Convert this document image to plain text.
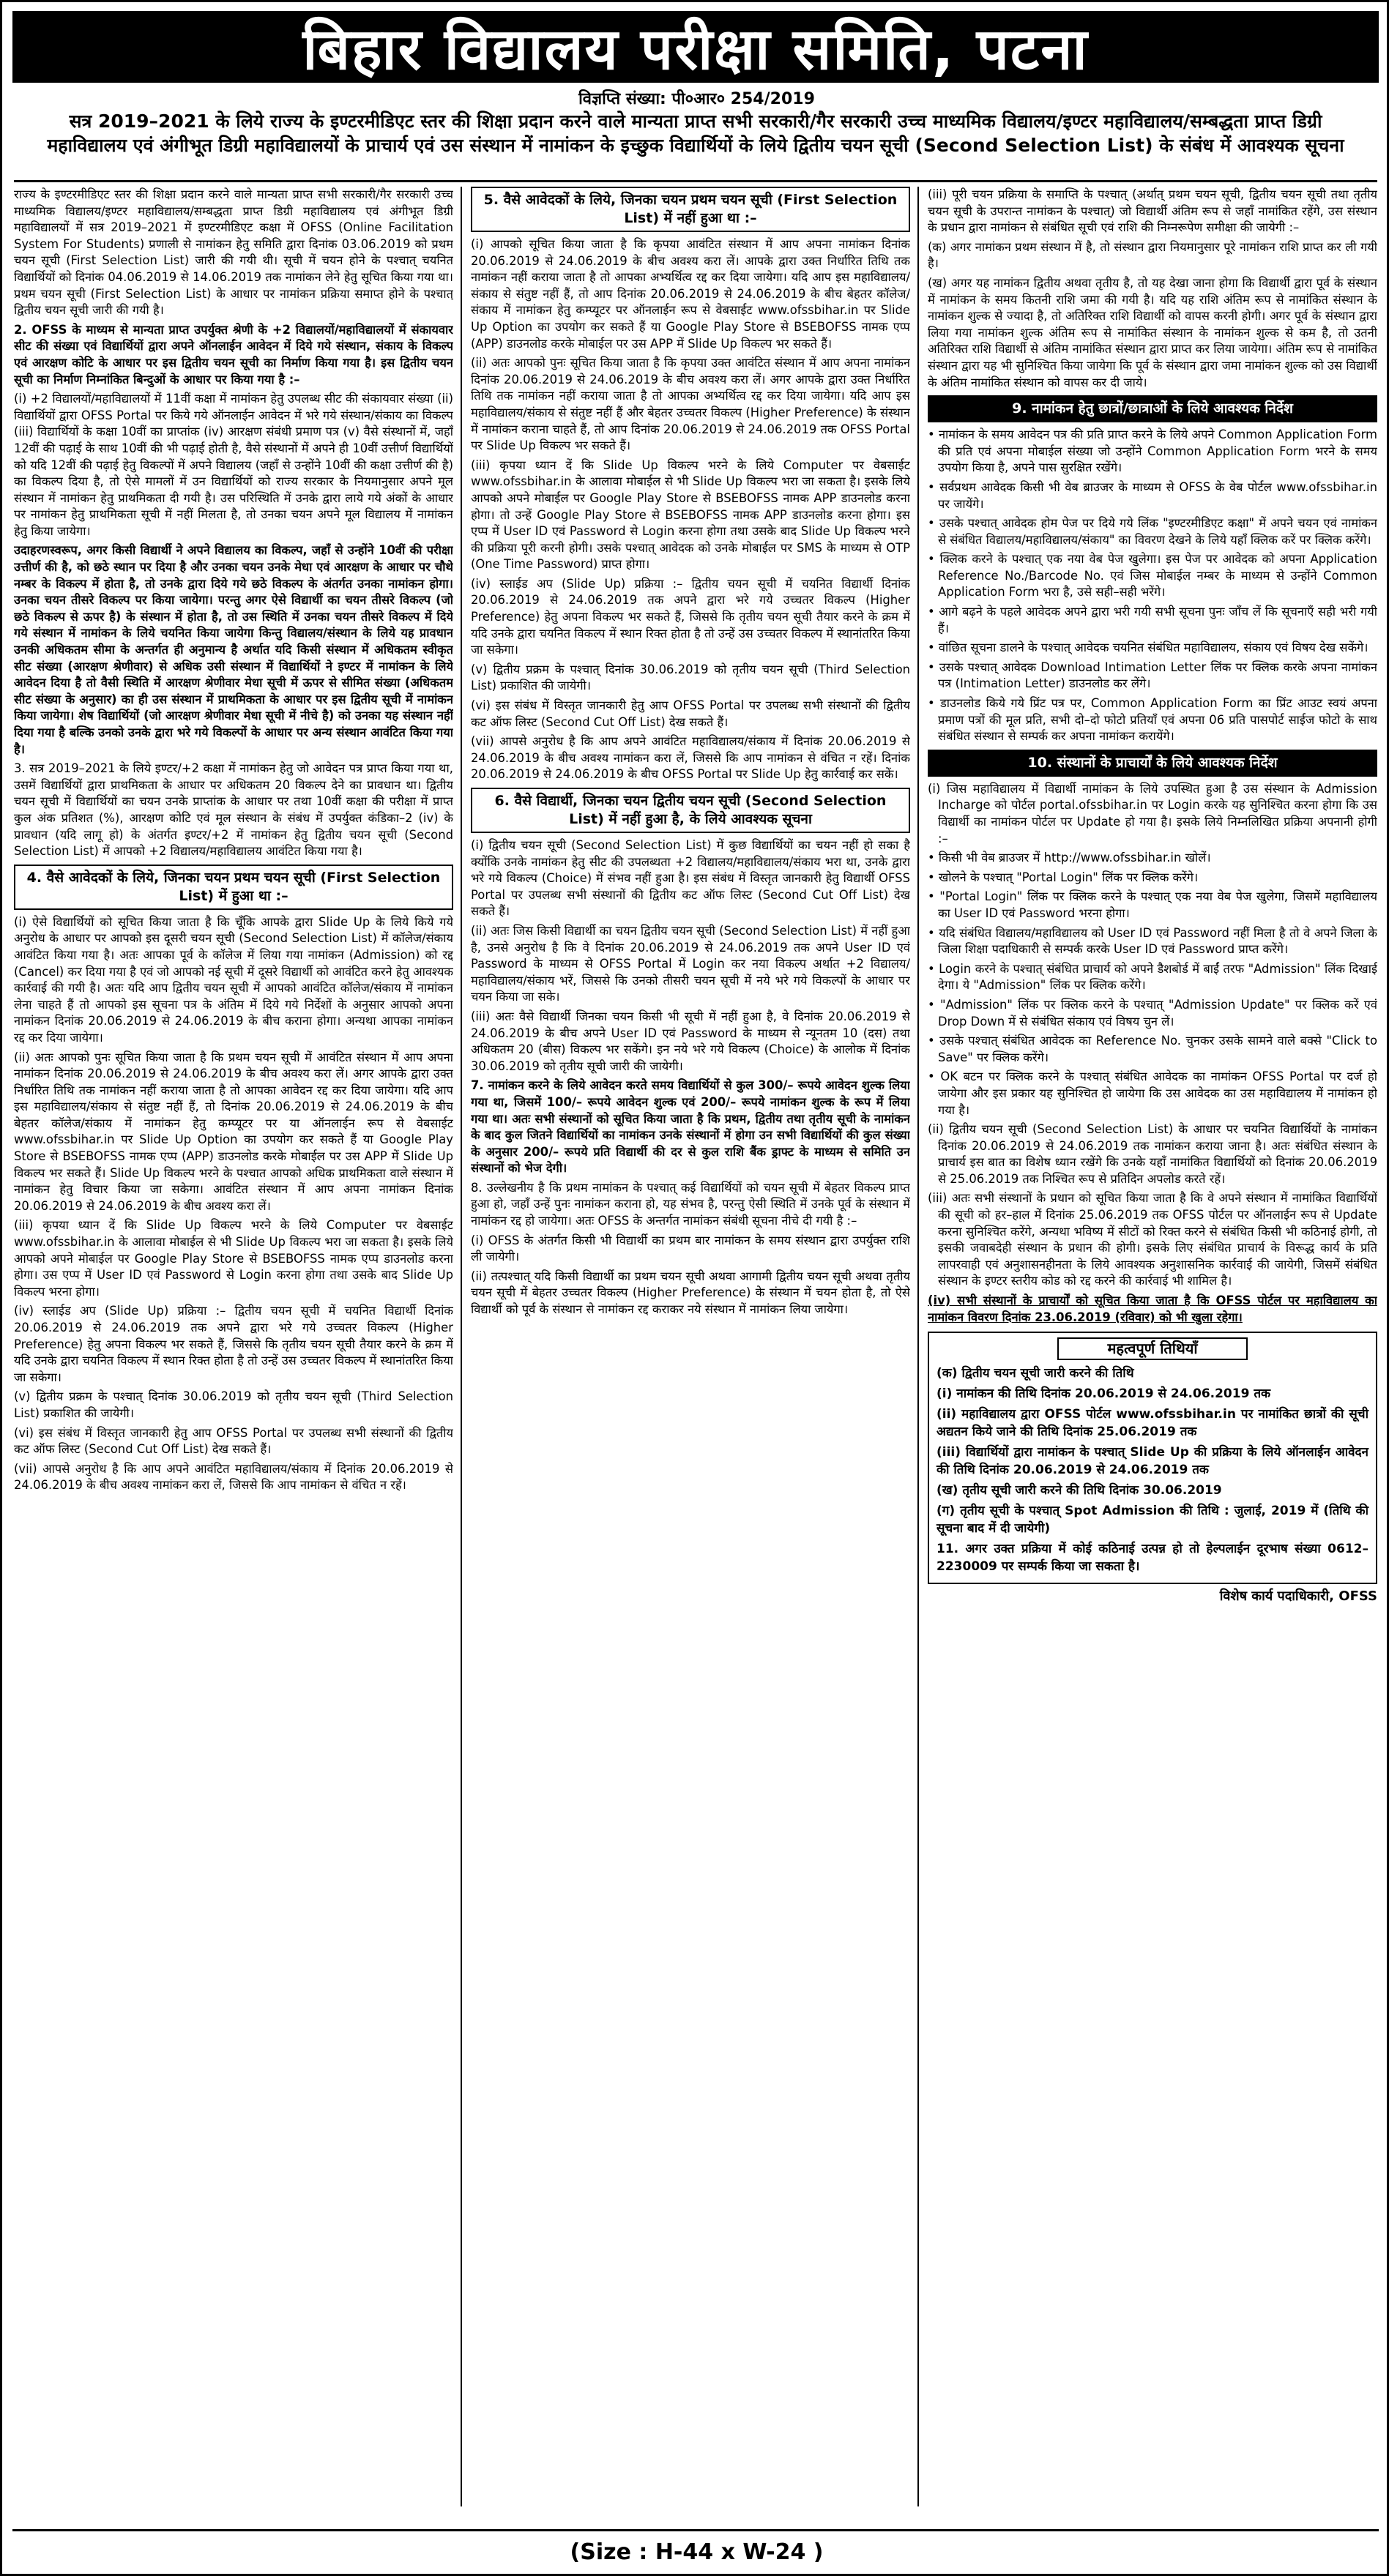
बिहार विद्यालय परीक्षा समिति, पटना
विज्ञप्ति संख्या: पी०आर० 254/2019
सत्र 2019–2021 के लिये राज्य के इण्टरमीडिएट स्तर की शिक्षा प्रदान करने वाले मान्यता प्राप्त सभी सरकारी/गैर सरकारी उच्च माध्यमिक विद्यालय/इण्टर महाविद्यालय/सम्बद्धता प्राप्त डिग्री महाविद्यालय एवं अंगीभूत डिग्री महाविद्यालयों के प्राचार्य एवं उस संस्थान में नामांकन के इच्छुक विद्यार्थियों के लिये द्वितीय चयन सूची (Second Selection List) के संबंध में आवश्यक सूचना

राज्य के इण्टरमीडिएट स्तर की शिक्षा प्रदान करने वाले मान्यता प्राप्त सभी सरकारी/गैर सरकारी उच्च माध्यमिक विद्यालय/इण्टर महाविद्यालय/सम्बद्धता प्राप्त डिग्री महाविद्यालय एवं अंगीभूत डिग्री महाविद्यालयों में सत्र 2019–2021 में इण्टरमीडिएट कक्षा में OFSS (Online Facilitation System For Students) प्रणाली से नामांकन हेतु समिति द्वारा दिनांक 03.06.2019 को प्रथम चयन सूची (First Selection List) जारी की गयी थी। सूची में चयन होने के पश्चात् चयनित विद्यार्थियों को दिनांक 04.06.2019 से 14.06.2019 तक नामांकन लेने हेतु सूचित किया गया था। प्रथम चयन सूची (First Selection List) के आधार पर नामांकन प्रक्रिया समाप्त होने के पश्चात् द्वितीय चयन सूची जारी की गयी है।

2. OFSS के माध्यम से मान्यता प्राप्त उपर्युक्त श्रेणी के +2 विद्यालयों/महाविद्यालयों में संकायवार सीट की संख्या एवं विद्यार्थियों द्वारा अपने ऑनलाईन आवेदन में दिये गये संस्थान, संकाय के विकल्प एवं आरक्षण कोटि के आधार पर इस द्वितीय चयन सूची का निर्माण किया गया है। इस द्वितीय चयन सूची का निर्माण निम्नांकित बिन्दुओं के आधार पर किया गया है :–

(i) +2 विद्यालयों/महाविद्यालयों में 11वीं कक्षा में नामांकन हेतु उपलब्ध सीट की संकायवार संख्या (ii) विद्यार्थियों द्वारा OFSS Portal पर किये गये ऑनलाईन आवेदन में भरे गये संस्थान/संकाय का विकल्प (iii) विद्यार्थियों के कक्षा 10वीं का प्राप्तांक (iv) आरक्षण संबंधी प्रमाण पत्र (v) वैसे संस्थानों में, जहाँ 12वीं की पढ़ाई के साथ 10वीं की भी पढ़ाई होती है, वैसे संस्थानों में अपने ही 10वीं उत्तीर्ण विद्यार्थियों को यदि 12वीं की पढ़ाई हेतु विकल्पों में अपने विद्यालय (जहाँ से उन्होंने 10वीं की कक्षा उत्तीर्ण की है) का विकल्प दिया है, तो ऐसे मामलों में उन विद्यार्थियों को राज्य सरकार के नियमानुसार अपने मूल संस्थान में नामांकन हेतु प्राथमिकता दी गयी है। उस परिस्थिति में उनके द्वारा लाये गये अंकों के आधार पर नामांकन हेतु प्राथमिकता सूची में नहीं मिलता है, तो उनका चयन अपने मूल विद्यालय में नामांकन हेतु किया जायेगा।

उदाहरणस्वरूप, अगर किसी विद्यार्थी ने अपने विद्यालय का विकल्प, जहाँ से उन्होंने 10वीं की परीक्षा उत्तीर्ण की है, को छठे स्थान पर दिया है और उनका चयन उनके मेधा एवं आरक्षण के आधार पर चौथे नम्बर के विकल्प में होता है, तो उनके द्वारा दिये गये छठे विकल्प के अंतर्गत उनका नामांकन होगा। उनका चयन तीसरे विकल्प पर किया जायेगा। परन्तु अगर ऐसे विद्यार्थी का चयन तीसरे विकल्प (जो छठे विकल्प से ऊपर है) के संस्थान में होता है, तो उस स्थिति में उनका चयन तीसरे विकल्प में दिये गये संस्थान में नामांकन के लिये चयनित किया जायेगा किन्तु विद्यालय/संस्थान के लिये यह प्रावधान उनकी अधिकतम सीमा के अन्तर्गत ही अनुमान्य है अर्थात यदि किसी संस्थान में अधिकतम स्वीकृत सीट संख्या (आरक्षण श्रेणीवार) से अधिक उसी संस्थान में विद्यार्थियों ने इण्टर में नामांकन के लिये आवेदन दिया है तो वैसी स्थिति में आरक्षण श्रेणीवार मेधा सूची में ऊपर से सीमित संख्या (अधिकतम सीट संख्या के अनुसार) का ही उस संस्थान में प्राथमिकता के आधार पर इस द्वितीय सूची में नामांकन किया जायेगा। शेष विद्यार्थियों (जो आरक्षण श्रेणीवार मेधा सूची में नीचे है) को उनका यह संस्थान नहीं दिया गया है बल्कि उनको उनके द्वारा भरे गये विकल्पों के आधार पर अन्य संस्थान आवंटित किया गया है।

3. सत्र 2019–2021 के लिये इण्टर/+2 कक्षा में नामांकन हेतु जो आवेदन पत्र प्राप्त किया गया था, उसमें विद्यार्थियों द्वारा प्राथमिकता के आधार पर अधिकतम 20 विकल्प देने का प्रावधान था। द्वितीय चयन सूची में विद्यार्थियों का चयन उनके प्राप्तांक के आधार पर तथा 10वीं कक्षा की परीक्षा में प्राप्त कुल अंक प्रतिशत (%), आरक्षण कोटि एवं मूल संस्थान के संबंध में उपर्युक्त कंडिका–2 (iv) के प्रावधान (यदि लागू हो) के अंतर्गत इण्टर/+2 में नामांकन हेतु द्वितीय चयन सूची (Second Selection List) में आपको +2 विद्यालय/महाविद्यालय आवंटित किया गया है।

4. वैसे आवेदकों के लिये, जिनका चयन प्रथम चयन सूची (First Selection List) में हुआ था :–

(i) ऐसे विद्यार्थियों को सूचित किया जाता है कि चूँकि आपके द्वारा Slide Up के लिये किये गये अनुरोध के आधार पर आपको इस दूसरी चयन सूची (Second Selection List) में कॉलेज/संकाय आवंटित किया गया है। अतः आपका पूर्व के कॉलेज में लिया गया नामांकन (Admission) को रद्द (Cancel) कर दिया गया है एवं जो आपको नई सूची में दूसरे विद्यार्थी को आवंटित करने हेतु आवश्यक कार्रवाई की गयी है। अतः यदि आप द्वितीय चयन सूची में आपको आवंटित कॉलेज/संकाय में नामांकन लेना चाहते हैं तो आपको इस सूचना पत्र के अंतिम में दिये गये निर्देशों के अनुसार आपको अपना नामांकन दिनांक 20.06.2019 से 24.06.2019 के बीच कराना होगा। अन्यथा आपका नामांकन रद्द कर दिया जायेगा।

(ii) अतः आपको पुनः सूचित किया जाता है कि प्रथम चयन सूची में आवंटित संस्थान में आप अपना नामांकन दिनांक 20.06.2019 से 24.06.2019 के बीच अवश्य करा लें। अगर आपके द्वारा उक्त निर्धारित तिथि तक नामांकन नहीं कराया जाता है तो आपका आवेदन रद्द कर दिया जायेगा। यदि आप इस महाविद्यालय/संकाय से संतुष्ट नहीं हैं, तो दिनांक 20.06.2019 से 24.06.2019 के बीच बेहतर कॉलेज/संकाय में नामांकन हेतु कम्प्यूटर पर या ऑनलाईन रूप से वेबसाईट www.ofssbihar.in पर Slide Up Option का उपयोग कर सकते हैं या Google Play Store से BSEBOFSS नामक एप्प (APP) डाउनलोड करके मोबाईल पर उस APP में Slide Up विकल्प भर सकते हैं। Slide Up विकल्प भरने के पश्चात आपको अधिक प्राथमिकता वाले संस्थान में नामांकन हेतु विचार किया जा सकेगा। आवंटित संस्थान में आप अपना नामांकन दिनांक 20.06.2019 से 24.06.2019 के बीच अवश्य करा लें।

(iii) कृपया ध्यान दें कि Slide Up विकल्प भरने के लिये Computer पर वेबसाईट www.ofssbihar.in के आलावा मोबाईल से भी Slide Up विकल्प भरा जा सकता है। इसके लिये आपको अपने मोबाईल पर Google Play Store से BSEBOFSS नामक एप्प डाउनलोड करना होगा। उस एप्प में User ID एवं Password से Login करना होगा तथा उसके बाद Slide Up विकल्प भरना होगा।

(iv) स्लाईड अप (Slide Up) प्रक्रिया :– द्वितीय चयन सूची में चयनित विद्यार्थी दिनांक 20.06.2019 से 24.06.2019 तक अपने द्वारा भरे गये उच्चतर विकल्प (Higher Preference) हेतु अपना विकल्प भर सकते हैं, जिससे कि तृतीय चयन सूची तैयार करने के क्रम में यदि उनके द्वारा चयनित विकल्प में स्थान रिक्त होता है तो उन्हें उस उच्चतर विकल्प में स्थानांतरित किया जा सकेगा।

(v) द्वितीय प्रक्रम के पश्चात् दिनांक 30.06.2019 को तृतीय चयन सूची (Third Selection List) प्रकाशित की जायेगी।

(vi) इस संबंध में विस्तृत जानकारी हेतु आप OFSS Portal पर उपलब्ध सभी संस्थानों की द्वितीय कट ऑफ लिस्ट (Second Cut Off List) देख सकते हैं।

(vii) आपसे अनुरोध है कि आप अपने आवंटित महाविद्यालय/संकाय में दिनांक 20.06.2019 से 24.06.2019 के बीच अवश्य नामांकन करा लें, जिससे कि आप नामांकन से वंचित न रहें।

5. वैसे आवेदकों के लिये, जिनका चयन प्रथम चयन सूची (First Selection List) में नहीं हुआ था :–

(i) आपको सूचित किया जाता है कि कृपया आवंटित संस्थान में आप अपना नामांकन दिनांक 20.06.2019 से 24.06.2019 के बीच अवश्य करा लें। आपके द्वारा उक्त निर्धारित तिथि तक नामांकन नहीं कराया जाता है तो आपका अभ्यर्थित्व रद्द कर दिया जायेगा। यदि आप इस महाविद्यालय/संकाय से संतुष्ट नहीं हैं, तो आप दिनांक 20.06.2019 से 24.06.2019 के बीच बेहतर कॉलेज/संकाय में नामांकन हेतु कम्प्यूटर पर ऑनलाईन रूप से वेबसाईट www.ofssbihar.in पर Slide Up Option का उपयोग कर सकते हैं या Google Play Store से BSEBOFSS नामक एप्प (APP) डाउनलोड करके मोबाईल पर उस APP में Slide Up विकल्प भर सकते हैं।

(ii) अतः आपको पुनः सूचित किया जाता है कि कृपया उक्त आवंटित संस्थान में आप अपना नामांकन दिनांक 20.06.2019 से 24.06.2019 के बीच अवश्य करा लें। अगर आपके द्वारा उक्त निर्धारित तिथि तक नामांकन नहीं कराया जाता है तो आपका अभ्यर्थित्व रद्द कर दिया जायेगा। यदि आप इस महाविद्यालय/संकाय से संतुष्ट नहीं हैं और बेहतर उच्चतर विकल्प (Higher Preference) के संस्थान में नामांकन कराना चाहते हैं, तो आप दिनांक 20.06.2019 से 24.06.2019 तक OFSS Portal पर Slide Up विकल्प भर सकते हैं।

(iii) कृपया ध्यान दें कि Slide Up विकल्प भरने के लिये Computer पर वेबसाईट www.ofssbihar.in के आलावा मोबाईल से भी Slide Up विकल्प भरा जा सकता है। इसके लिये आपको अपने मोबाईल पर Google Play Store से BSEBOFSS नामक APP डाउनलोड करना होगा। तो उन्हें Google Play Store से BSEBOFSS नामक APP डाउनलोड करना होगा। इस एप्प में User ID एवं Password से Login करना होगा तथा उसके बाद Slide Up विकल्प भरने की प्रक्रिया पूरी करनी होगी। उसके पश्चात् आवेदक को उनके मोबाईल पर SMS के माध्यम से OTP (One Time Password) प्राप्त होगा।

(iv) स्लाईड अप (Slide Up) प्रक्रिया :– द्वितीय चयन सूची में चयनित विद्यार्थी दिनांक 20.06.2019 से 24.06.2019 तक अपने द्वारा भरे गये उच्चतर विकल्प (Higher Preference) हेतु अपना विकल्प भर सकते हैं, जिससे कि तृतीय चयन सूची तैयार करने के क्रम में यदि उनके द्वारा चयनित विकल्प में स्थान रिक्त होता है तो उन्हें उस उच्चतर विकल्प में स्थानांतरित किया जा सकेगा।

(v) द्वितीय प्रक्रम के पश्चात् दिनांक 30.06.2019 को तृतीय चयन सूची (Third Selection List) प्रकाशित की जायेगी।

(vi) इस संबंध में विस्तृत जानकारी हेतु आप OFSS Portal पर उपलब्ध सभी संस्थानों की द्वितीय कट ऑफ लिस्ट (Second Cut Off List) देख सकते हैं।

(vii) आपसे अनुरोध है कि आप अपने आवंटित महाविद्यालय/संकाय में दिनांक 20.06.2019 से 24.06.2019 के बीच अवश्य नामांकन करा लें, जिससे कि आप नामांकन से वंचित न रहें। दिनांक 20.06.2019 से 24.06.2019 के बीच OFSS Portal पर Slide Up हेतु कार्रवाई कर सकें।

6. वैसे विद्यार्थी, जिनका चयन द्वितीय चयन सूची (Second Selection List) में नहीं हुआ है, के लिये आवश्यक सूचना

(i) द्वितीय चयन सूची (Second Selection List) में कुछ विद्यार्थियों का चयन नहीं हो सका है क्योंकि उनके नामांकन हेतु सीट की उपलब्धता +2 विद्यालय/महाविद्यालय/संकाय भरा था, उनके द्वारा भरे गये विकल्प (Choice) में संभव नहीं हुआ है। इस संबंध में विस्तृत जानकारी हेतु विद्यार्थी OFSS Portal पर उपलब्ध सभी संस्थानों की द्वितीय कट ऑफ लिस्ट (Second Cut Off List) देख सकते हैं।

(ii) अतः जिस किसी विद्यार्थी का चयन द्वितीय चयन सूची (Second Selection List) में नहीं हुआ है, उनसे अनुरोध है कि वे दिनांक 20.06.2019 से 24.06.2019 तक अपने User ID एवं Password के माध्यम से OFSS Portal में Login कर नया विकल्प अर्थात +2 विद्यालय/महाविद्यालय/संकाय भरें, जिससे कि उनको तीसरी चयन सूची में नये भरे गये विकल्पों के आधार पर चयन किया जा सके।

(iii) अतः वैसे विद्यार्थी जिनका चयन किसी भी सूची में नहीं हुआ है, वे दिनांक 20.06.2019 से 24.06.2019 के बीच अपने User ID एवं Password के माध्यम से न्यूनतम 10 (दस) तथा अधिकतम 20 (बीस) विकल्प भर सकेंगे। इन नये भरे गये विकल्प (Choice) के आलोक में दिनांक 30.06.2019 को तृतीय सूची जारी की जायेगी।

7. नामांकन करने के लिये आवेदन करते समय विद्यार्थियों से कुल 300/– रूपये आवेदन शुल्क लिया गया था, जिसमें 100/– रूपये आवेदन शुल्क एवं 200/– रूपये नामांकन शुल्क के रूप में लिया गया था। अतः सभी संस्थानों को सूचित किया जाता है कि प्रथम, द्वितीय तथा तृतीय सूची के नामांकन के बाद कुल जितने विद्यार्थियों का नामांकन उनके संस्थानों में होगा उन सभी विद्यार्थियों की कुल संख्या के अनुसार 200/– रूपये प्रति विद्यार्थी की दर से कुल राशि बैंक ड्राफ्ट के माध्यम से समिति उन संस्थानों को भेज देगी।

8. उल्लेखनीय है कि प्रथम नामांकन के पश्चात् कई विद्यार्थियों को चयन सूची में बेहतर विकल्प प्राप्त हुआ हो, जहाँ उन्हें पुनः नामांकन कराना हो, यह संभव है, परन्तु ऐसी स्थिति में उनके पूर्व के संस्थान में नामांकन रद्द हो जायेगा। अतः OFSS के अन्तर्गत नामांकन संबंधी सूचना नीचे दी गयी है :–

(i) OFSS के अंतर्गत किसी भी विद्यार्थी का प्रथम बार नामांकन के समय संस्थान द्वारा उपर्युक्त राशि ली जायेगी।

(ii) तत्पश्चात् यदि किसी विद्यार्थी का प्रथम चयन सूची अथवा आगामी द्वितीय चयन सूची अथवा तृतीय चयन सूची में बेहतर उच्चतर विकल्प (Higher Preference) के संस्थान में चयन होता है, तो ऐसे विद्यार्थी को पूर्व के संस्थान से नामांकन रद्द कराकर नये संस्थान में नामांकन लिया जायेगा।

(iii) पूरी चयन प्रक्रिया के समाप्ति के पश्चात् (अर्थात् प्रथम चयन सूची, द्वितीय चयन सूची तथा तृतीय चयन सूची के उपरान्त नामांकन के पश्चात्) जो विद्यार्थी अंतिम रूप से जहाँ नामांकित रहेंगे, उस संस्थान के प्रधान द्वारा नामांकन से संबंधित सूची एवं राशि की निम्नरूपेण समीक्षा की जायेगी :–

(क) अगर नामांकन प्रथम संस्थान में है, तो संस्थान द्वारा नियमानुसार पूरे नामांकन राशि प्राप्त कर ली गयी है।

(ख) अगर यह नामांकन द्वितीय अथवा तृतीय है, तो यह देखा जाना होगा कि विद्यार्थी द्वारा पूर्व के संस्थान में नामांकन के समय कितनी राशि जमा की गयी है। यदि यह राशि अंतिम रूप से नामांकित संस्थान के नामांकन शुल्क से ज्यादा है, तो अतिरिक्त राशि विद्यार्थी को वापस करनी होगी। अगर पूर्व के संस्थान द्वारा लिया गया नामांकन शुल्क अंतिम रूप से नामांकित संस्थान के नामांकन शुल्क से कम है, तो उतनी अतिरिक्त राशि विद्यार्थी से अंतिम नामांकित संस्थान द्वारा प्राप्त कर लिया जायेगा। अंतिम रूप से नामांकित संस्थान द्वारा यह भी सुनिश्चित किया जायेगा कि पूर्व के संस्थान द्वारा जमा नामांकन शुल्क को उस विद्यार्थी के अंतिम नामांकित संस्थान को वापस कर दी जाये।

9. नामांकन हेतु छात्रों/छात्राओं के लिये आवश्यक निर्देश

• नामांकन के समय आवेदन पत्र की प्रति प्राप्त करने के लिये अपने Common Application Form की प्रति एवं अपना मोबाईल संख्या जो उन्होंने Common Application Form भरने के समय उपयोग किया है, अपने पास सुरक्षित रखेंगे।

• सर्वप्रथम आवेदक किसी भी वेब ब्राउजर के माध्यम से OFSS के वेब पोर्टल www.ofssbihar.in पर जायेंगे।

• उसके पश्चात् आवेदक होम पेज पर दिये गये लिंक "इण्टरमीडिएट कक्षा" में अपने चयन एवं नामांकन से संबंधित विद्यालय/महाविद्यालय/संकाय" का विवरण देखने के लिये यहाँ क्लिक करें पर क्लिक करेंगे।

• क्लिक करने के पश्चात् एक नया वेब पेज खुलेगा। इस पेज पर आवेदक को अपना Application Reference No./Barcode No. एवं जिस मोबाईल नम्बर के माध्यम से उन्होंने Common Application Form भरा है, उसे सही–सही भरेंगे।

• आगे बढ़ने के पहले आवेदक अपने द्वारा भरी गयी सभी सूचना पुनः जाँच लें कि सूचनाएँ सही भरी गयी हैं।

• वांछित सूचना डालने के पश्चात् आवेदक चयनित संबंधित महाविद्यालय, संकाय एवं विषय देख सकेंगे।

• उसके पश्चात् आवेदक Download Intimation Letter लिंक पर क्लिक करके अपना नामांकन पत्र (Intimation Letter) डाउनलोड कर लेंगे।

• डाउनलोड किये गये प्रिंट पत्र पर, Common Application Form का प्रिंट आउट स्वयं अपना प्रमाण पत्रों की मूल प्रति, सभी दो–दो फोटो प्रतियाँ एवं अपना 06 प्रति पासपोर्ट साईज फोटो के साथ संबंधित संस्थान से सम्पर्क कर अपना नामांकन करायेंगे।

10. संस्थानों के प्राचार्यों के लिये आवश्यक निर्देश

(i) जिस महाविद्यालय में विद्यार्थी नामांकन के लिये उपस्थित हुआ है उस संस्थान के Admission Incharge को पोर्टल portal.ofssbihar.in पर Login करके यह सुनिश्चित करना होगा कि उस विद्यार्थी का नामांकन पोर्टल पर Update हो गया है। इसके लिये निम्नलिखित प्रक्रिया अपनानी होगी :–

• किसी भी वेब ब्राउजर में http://www.ofssbihar.in खोलें।

• खोलने के पश्चात् "Portal Login" लिंक पर क्लिक करेंगे।

• "Portal Login" लिंक पर क्लिक करने के पश्चात् एक नया वेब पेज खुलेगा, जिसमें महाविद्यालय का User ID एवं Password भरना होगा।

• यदि संबंधित विद्यालय/महाविद्यालय को User ID एवं Password नहीं मिला है तो वे अपने जिला के जिला शिक्षा पदाधिकारी से सम्पर्क करके User ID एवं Password प्राप्त करेंगे।

• Login करने के पश्चात् संबंधित प्राचार्य को अपने डैशबोर्ड में बाईं तरफ "Admission" लिंक दिखाई देगा। ये "Admission" लिंक पर क्लिक करेंगे।

• "Admission" लिंक पर क्लिक करने के पश्चात् "Admission Update" पर क्लिक करें एवं Drop Down में से संबंधित संकाय एवं विषय चुन लें।

• उसके पश्चात् संबंधित आवेदक का Reference No. चुनकर उसके सामने वाले बक्से "Click to Save" पर क्लिक करेंगे।

• OK बटन पर क्लिक करने के पश्चात् संबंधित आवेदक का नामांकन OFSS Portal पर दर्ज हो जायेगा और इस प्रकार यह सुनिश्चित हो जायेगा कि उस आवेदक का उस महाविद्यालय में नामांकन हो गया है।

(ii) द्वितीय चयन सूची (Second Selection List) के आधार पर चयनित विद्यार्थियों के नामांकन दिनांक 20.06.2019 से 24.06.2019 तक नामांकन कराया जाना है। अतः संबंधित संस्थान के प्राचार्य इस बात का विशेष ध्यान रखेंगे कि उनके यहाँ नामांकित विद्यार्थियों को दिनांक 20.06.2019 से 25.06.2019 तक निश्चित रूप से प्रतिदिन अपलोड करते रहें।

(iii) अतः सभी संस्थानों के प्रधान को सूचित किया जाता है कि वे अपने संस्थान में नामांकित विद्यार्थियों की सूची को हर–हाल में दिनांक 25.06.2019 तक OFSS पोर्टल पर ऑनलाईन रूप से Update करना सुनिश्चित करेंगे, अन्यथा भविष्य में सीटों को रिक्त करने से संबंधित किसी भी कठिनाई होगी, तो इसकी जवाबदेही संस्थान के प्रधान की होगी। इसके लिए संबंधित प्राचार्य के विरूद्ध कार्य के प्रति लापरवाही एवं अनुशासनहीनता के लिये आवश्यक अनुशासनिक कार्रवाई की जायेगी, जिसमें संबंधित संस्थान के इण्टर स्तरीय कोड को रद्द करने की कार्रवाई भी शामिल है।

(iv) सभी संस्थानों के प्राचार्यों को सूचित किया जाता है कि OFSS पोर्टल पर महाविद्यालय का नामांकन विवरण दिनांक 23.06.2019 (रविवार) को भी खुला रहेगा।

महत्वपूर्ण तिथियाँ

(क) द्वितीय चयन सूची जारी करने की तिथि

(i) नामांकन की तिथि दिनांक 20.06.2019 से 24.06.2019 तक

(ii) महाविद्यालय द्वारा OFSS पोर्टल www.ofssbihar.in पर नामांकित छात्रों की सूची अद्यतन किये जाने की तिथि दिनांक 25.06.2019 तक

(iii) विद्यार्थियों द्वारा नामांकन के पश्चात् Slide Up की प्रक्रिया के लिये ऑनलाईन आवेदन की तिथि दिनांक 20.06.2019 से 24.06.2019 तक

(ख) तृतीय सूची जारी करने की तिथि दिनांक 30.06.2019

(ग) तृतीय सूची के पश्चात् Spot Admission की तिथि : जुलाई, 2019 में (तिथि की सूचना बाद में दी जायेगी)

11. अगर उक्त प्रक्रिया में कोई कठिनाई उत्पन्न हो तो हेल्पलाईन दूरभाष संख्या 0612–2230009 पर सम्पर्क किया जा सकता है।

विशेष कार्य पदाधिकारी, OFSS
(Size : H-44 x W-24 )
